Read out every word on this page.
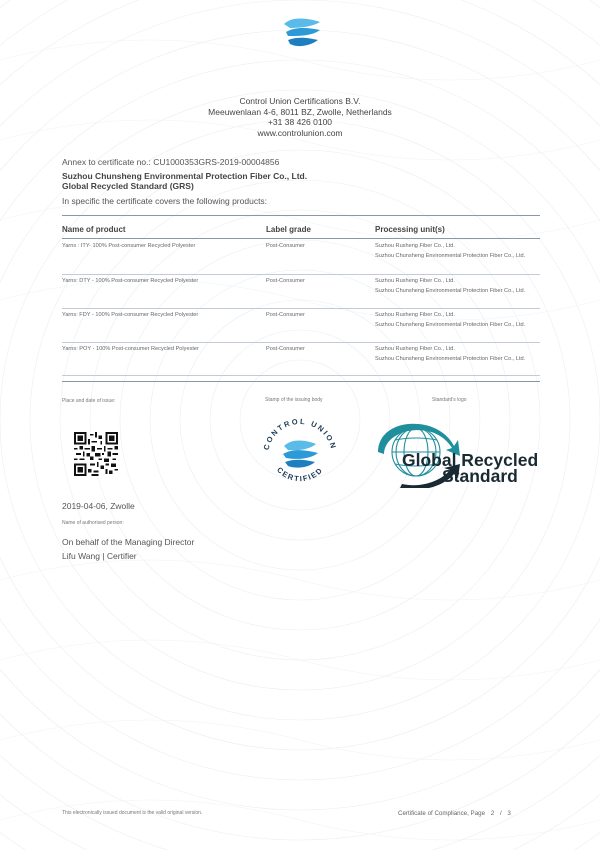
Control Union Certifications B.V.
Meeuwenlaan 4-6, 8011 BZ, Zwolle, Netherlands
+31 38 426 0100
www.controlunion.com
Annex to certificate no.: CU1000353GRS-2019-00004856
Suzhou Chunsheng Environmental Protection Fiber Co., Ltd.
Global Recycled Standard (GRS)
In specific the certificate covers the following products:
Name of product	Label grade	Processing unit(s)
Yarns : ITY- 100% Post-consumer Recycled Polyester	Post-Consumer	Suzhou Rusheng Fiber Co., Ltd.
Suzhou Chunsheng Environmental Protection Fiber Co., Ltd.
Yarns: DTY - 100% Post-consumer Recycled Polyester	Post-Consumer	Suzhou Rusheng Fiber Co., Ltd.
Suzhou Chunsheng Environmental Protection Fiber Co., Ltd.
Yarns: FDY - 100% Post-consumer Recycled Polyester	Post-Consumer	Suzhou Rusheng Fiber Co., Ltd.
Suzhou Chunsheng Environmental Protection Fiber Co., Ltd.
Yarns: POY - 100% Post-consumer Recycled Polyester	Post-Consumer	Suzhou Rusheng Fiber Co., Ltd.
Suzhou Chunsheng Environmental Protection Fiber Co., Ltd.
Place and date of issue:	Stamp of the issuing body	Standard's logo
CONTROL UNION
CERTIFIED
Global Recycled
Standard
2019-04-06, Zwolle
Name of authorised person:
On behalf of the Managing Director
Lifu Wang | Certifier
This electronically issued document is the valid original version.	Certificate of Compliance, Page 2 / 3
